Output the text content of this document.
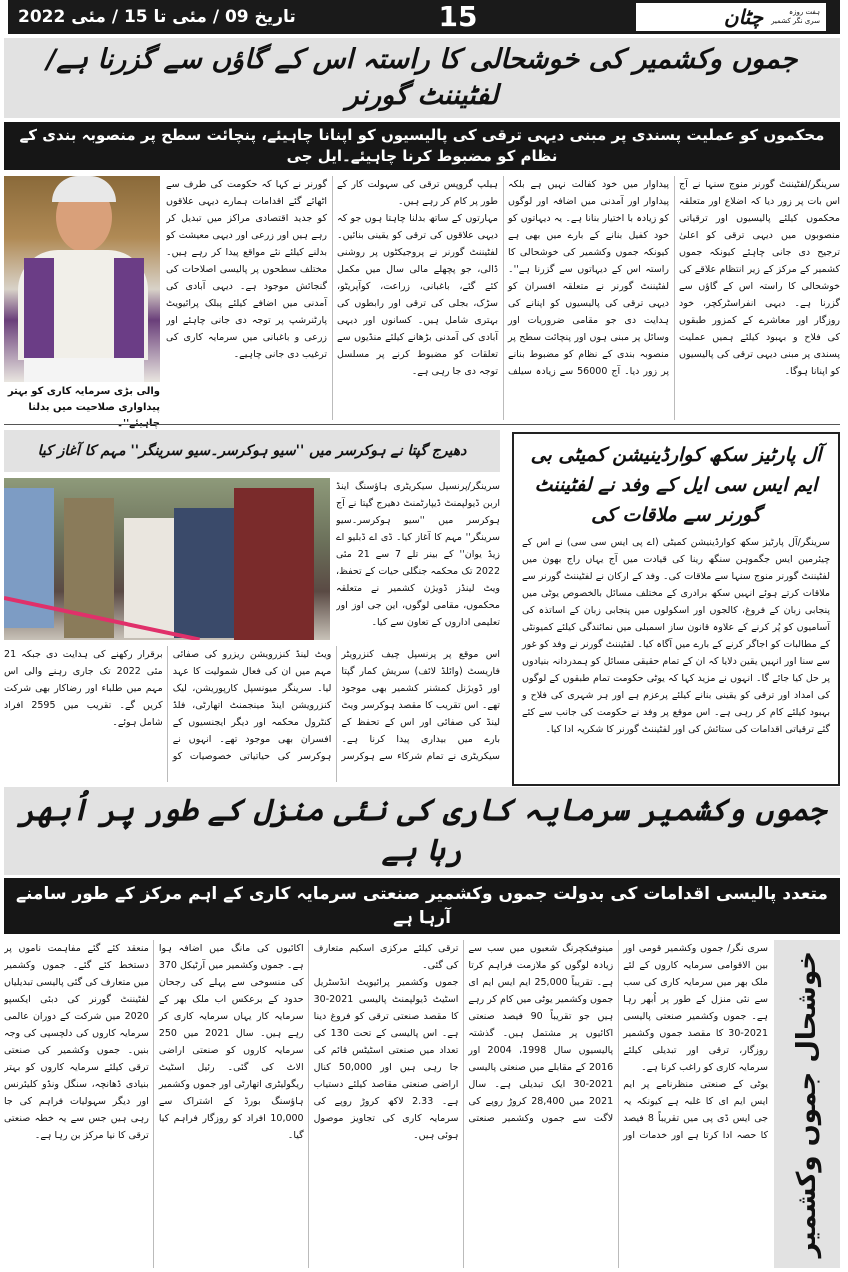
تاریخ 09 / مئی تا 15 / مئی 2022	15	ہفت روزہ
سری نگر کشمیر
چٹان
جموں وکشمیر کی خوشحالی کا راستہ اس کے گاؤں سے گزرنا ہے/لفٹیننٹ گورنر
محکموں کو عملیت پسندی پر مبنی دیہی ترقی کی پالیسیوں کو اپنانا چاہیئے، پنچائت سطح پر منصوبہ بندی کے نظام کو مضبوط کرنا چاہیئے۔ایل جی
والی بڑی سرمایہ کاری کو بہتر پیداواری صلاحیت میں بدلنا

سرینگر/لفٹیننٹ گورنر منوج سنہا نے آج اس بات پر زور دیا کہ اضلاع اور متعلقہ محکموں کیلئے پالیسیوں اور ترقیاتی منصوبوں میں دیہی ترقی کو اعلیٰ ترجیح دی جانی چاہئے کیونکہ جموں کشمیر کے مرکز کے زیر انتظام علاقے کی خوشحالی کا راستہ اس کے گاؤں سے گزرنا ہے۔ دیہی انفراسٹرکچر، خود روزگار اور معاشرے کے کمزور طبقوں کی فلاح و بہبود کیلئے ہمیں عملیت پسندی پر مبنی دیہی ترقی کی پالیسیوں کو اپنانا ہوگا۔

پیداوار میں خود کفالت نہیں ہے بلکہ پیداوار اور آمدنی میں اضافہ اور لوگوں کو زیادہ با اختیار بنانا ہے۔ یہ دیہاتوں کو خود کفیل بنانے کے بارے میں بھی ہے کیونکہ جموں وکشمیر کی خوشحالی کا راستہ اس کے دیہاتوں سے گزرنا ہے''۔ لفٹیننٹ گورنر نے متعلقہ افسران کو دیہی ترقی کی پالیسیوں کو اپنانے کی ہدایت دی جو مقامی ضروریات اور وسائل پر مبنی ہوں اور پنچائت سطح پر منصوبہ بندی کے نظام کو مضبوط بنانے پر زور دیا۔ آج 56000 سے زیادہ سیلف ہیلپ گروپس ترقی کی سہولت کار کے طور پر کام کر رہے ہیں۔

مہارتوں کے ساتھ بدلنا چاہتا ہوں جو کہ دیہی علاقوں کی ترقی کو یقینی بنائیں۔ لفٹیننٹ گورنر نے پروجیکٹوں پر روشنی ڈالی، جو پچھلے مالی سال میں مکمل کئے گئے، باغبانی، زراعت، کوآپریٹو، سڑک، بجلی کی ترقی اور رابطوں کی بہتری شامل ہیں۔ کسانوں اور دیہی آبادی کی آمدنی بڑھانے کیلئے منڈیوں سے تعلقات کو مضبوط کرنے پر مسلسل توجہ دی جا رہی ہے۔

گورنر نے کہا کہ حکومت کی طرف سے اٹھائے گئے اقدامات ہمارے دیہی علاقوں کو جدید اقتصادی مراکز میں تبدیل کر رہے ہیں اور زرعی اور دیہی معیشت کو بدلنے کیلئے نئے مواقع پیدا کر رہے ہیں۔ مختلف سطحوں پر پالیسی اصلاحات کی گنجائش موجود ہے۔ دیہی آبادی کی آمدنی میں اضافے کیلئے پبلک پرائیویٹ پارٹنرشپ پر توجہ دی جانی چاہئے اور زرعی و باغبانی میں سرمایہ کاری کی ترغیب دی جانی چاہیے۔

دھیرج گپتا نے ہوکرسر میں ''سیو ہوکرسر۔سیو سرینگر'' مہم کا آغاز کیا
سرینگر/پرنسپل سیکریٹری ہاؤسنگ اینڈ اربن ڈیولپمنٹ ڈیپارٹمنٹ دھیرج گپتا نے آج ہوکرسر میں ''سیو ہوکرسر۔سیو سرینگر'' مہم کا آغاز کیا۔ ڈی اے ڈبلیو اے زیڈ یوان'' کے بینر تلے 7 سے 21 مئی 2022 تک محکمہ جنگلی حیات کے تحفظ، ویٹ لینڈز ڈویژن کشمیر نے متعلقہ محکموں، مقامی لوگوں، این جی اوز اور تعلیمی اداروں کے تعاون سے کیا۔
اس موقع پر پرنسپل چیف کنزرویٹر فاریسٹ (وائلڈ لائف) سریش کمار گپتا اور ڈویژنل کمشنر کشمیر بھی موجود تھے۔ اس تقریب کا مقصد ہوکرسر ویٹ لینڈ کی صفائی اور اس کے تحفظ کے بارے میں بیداری پیدا کرنا ہے۔ سیکریٹری نے تمام شرکاء سے ہوکرسر ویٹ لینڈ کنزرویشن ریزرو کی صفائی مہم میں ان کی فعال شمولیت کا عہد لیا۔ سرینگر میونسپل کارپوریشن، لیک کنزرویشن اینڈ مینجمنٹ اتھارٹی، فلڈ کنٹرول محکمہ اور دیگر ایجنسیوں کے افسران بھی موجود تھے۔ انہوں نے ہوکرسر کی حیاتیاتی خصوصیات کو برقرار رکھنے کی ہدایت دی جبکہ 21 مئی 2022 تک جاری رہنے والی اس مہم میں طلباء اور رضاکار بھی شرکت کریں گے۔ تقریب میں 2595 افراد شامل ہوئے۔
آل پارٹیز سکھ کوارڈینیشن کمیٹی بی ایم ایس سی ایل کے وفد نے لفٹیننٹ گورنر سے ملاقات کی
سرینگر/آل پارٹیز سکھ کوارڈینیشن کمیٹی (اے پی ایس سی سی) نے اس کے چیئرمین ایس جگموہن سنگھ رینا کی قیادت میں آج یہاں راج بھون میں لفٹیننٹ گورنر منوج سنہا سے ملاقات کی۔ وفد کے ارکان نے لفٹیننٹ گورنر سے ملاقات کرتے ہوئے انہیں سکھ برادری کے مختلف مسائل بالخصوص یوٹی میں پنجابی زبان کے فروغ، کالجوں اور اسکولوں میں پنجابی زبان کے اساتذہ کی آسامیوں کو پُر کرنے کے علاوہ قانون ساز اسمبلی میں نمائندگی کیلئے کمیونٹی کے مطالبات کو اجاگر کرنے کے بارے میں آگاہ کیا۔ لفٹیننٹ گورنر نے وفد کو غور سے سنا اور انہیں یقین دلایا کہ ان کے تمام حقیقی مسائل کو ہمدردانہ بنیادوں پر حل کیا جائے گا۔ انہوں نے مزید کہا کہ یوٹی حکومت تمام طبقوں کے لوگوں کی امداد اور ترقی کو یقینی بنانے کیلئے پرعزم ہے اور ہر شہری کی فلاح و بہبود کیلئے کام کر رہی ہے۔ اس موقع پر وفد نے حکومت کی جانب سے کئے گئے ترقیاتی اقدامات کی ستائش کی اور لفٹیننٹ گورنر کا شکریہ ادا کیا۔
جموں وکشمیر سرمایہ کاری کی نئی منزل کے طور پر اُبھر رہا ہے
متعدد پالیسی اقدامات کی بدولت جموں وکشمیر صنعتی سرمایہ کاری کے اہم مرکز کے طور سامنے آرہا ہے

سری نگر/ جموں وکشمیر قومی اور بین الاقوامی سرمایہ کاروں کے لئے ملک بھر میں سرمایہ کاری کی سب سے نئی منزل کے طور پر اُبھر رہا ہے۔ جموں وکشمیر صنعتی پالیسی 2021-30 کا مقصد جموں وکشمیر روزگار، ترقی اور تبدیلی کیلئے سرمایہ کاری کو راغب کرنا ہے۔

یوٹی کے صنعتی منظرنامے پر ایم ایس ایم ای کا غلبہ ہے کیونکہ یہ جی ایس ڈی پی میں تقریباً 8 فیصد کا حصہ ادا کرتا ہے اور خدمات اور مینوفیکچرنگ شعبوں میں سب سے زیادہ لوگوں کو ملازمت فراہم کرتا ہے۔ تقریباً 25,000 ایم ایس ایم ای جموں وکشمیر یوٹی میں کام کر رہے ہیں جو تقریباً 90 فیصد صنعتی اکائیوں پر مشتمل ہیں۔ گذشتہ پالیسیوں سال 1998، 2004 اور 2016 کے مقابلے میں صنعتی پالیسی 2021-30 ایک تبدیلی ہے۔ سال 2021 میں 28,400 کروڑ روپے کی لاگت سے جموں وکشمیر صنعتی ترقی کیلئے مرکزی اسکیم متعارف کی گئی۔

جموں وکشمیر پرائیویٹ انڈسٹریل اسٹیٹ ڈیولپمنٹ پالیسی 2021-30 کا مقصد صنعتی ترقی کو فروغ دینا ہے۔ اس پالیسی کے تحت 130 کی تعداد میں صنعتی اسٹیٹس قائم کی جا رہی ہیں اور 50,000 کنال اراضی صنعتی مقاصد کیلئے دستیاب ہے۔ 2.33 لاکھ کروڑ روپے کی سرمایہ کاری کی تجاویز موصول ہوئی ہیں۔

اکائیوں کی مانگ میں اضافہ ہوا ہے۔ جموں وکشمیر میں آرٹیکل 370 کی منسوخی سے پہلے کی رجحان حدود کے برعکس اب ملک بھر کے سرمایہ کار یہاں سرمایہ کاری کر رہے ہیں۔ سال 2021 میں 250 سرمایہ کاروں کو صنعتی اراضی الاٹ کی گئی۔ رئیل اسٹیٹ ریگولیٹری اتھارٹی اور جموں وکشمیر ہاؤسنگ بورڈ کے اشتراک سے 10,000 افراد کو روزگار فراہم کیا گیا۔

منعقد کئے گئے مفاہمت ناموں پر دستخط کئے گئے۔ جموں وکشمیر میں متعارف کی گئی پالیسی تبدیلیاں لفٹیننٹ گورنر کی دبئی ایکسپو 2020 میں شرکت کے دوران عالمی سرمایہ کاروں کی دلچسپی کی وجہ بنیں۔ جموں وکشمیر کی صنعتی ترقی کیلئے سرمایہ کاروں کو بہتر بنیادی ڈھانچہ، سنگل ونڈو کلیئرنس اور دیگر سہولیات فراہم کی جا رہی ہیں جس سے یہ خطہ صنعتی ترقی کا نیا مرکز بن رہا ہے۔	خوشحال جموں وکشمیر
